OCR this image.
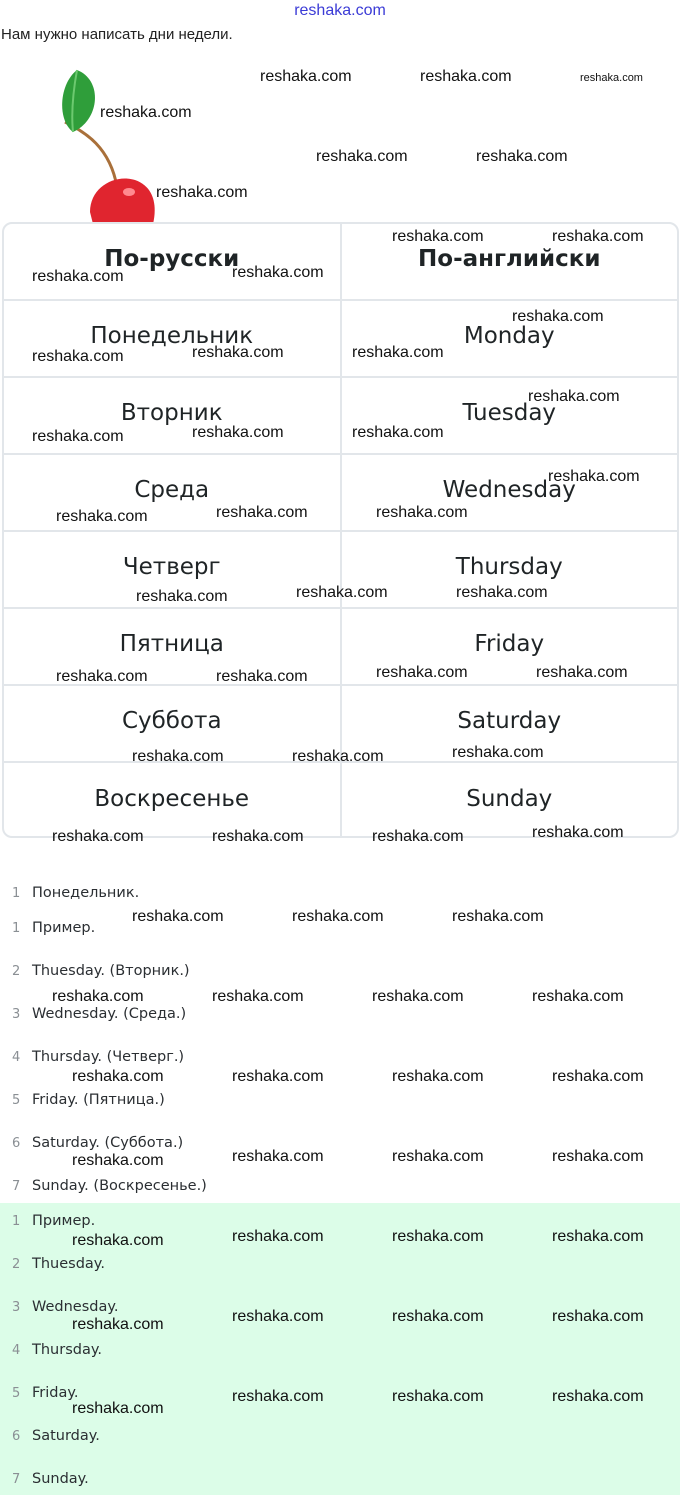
reshaka.com
Нам нужно написать дни недели.
По-русски	По-английски
Понедельник	Monday
Вторник	Tuesday
Среда	Wednesday
Четверг	Thursday
Пятница	Friday
Суббота	Saturday
Воскресенье	Sunday
1 Понедельник.
1 Пример.
2 Thuesday. (Вторник.)
3 Wednesday. (Среда.)
4 Thursday. (Четверг.)
5 Friday. (Пятница.)
6 Saturday. (Суббота.)
7 Sunday. (Воскресенье.)
1 Пример.
2 Thuesday.
3 Wednesday.
4 Thursday.
5 Friday.
6 Saturday.
7 Sunday.
reshaka.com	reshaka.com	reshaka.com
reshaka.com
reshaka.com	reshaka.com
reshaka.com
reshaka.com	reshaka.com
reshaka.com	reshaka.com
reshaka.com
reshaka.com	reshaka.com	reshaka.com
reshaka.com
reshaka.com	reshaka.com	reshaka.com
reshaka.com
reshaka.com	reshaka.com	reshaka.com
reshaka.com	reshaka.com	reshaka.com
reshaka.com	reshaka.com	reshaka.com	reshaka.com
reshaka.com	reshaka.com	reshaka.com
reshaka.com	reshaka.com	reshaka.com	reshaka.com
reshaka.com	reshaka.com	reshaka.com
reshaka.com	reshaka.com	reshaka.com	reshaka.com
reshaka.com	reshaka.com	reshaka.com	reshaka.com
reshaka.com	reshaka.com	reshaka.com	reshaka.com
reshaka.com	reshaka.com	reshaka.com	reshaka.com
reshaka.com	reshaka.com	reshaka.com	reshaka.com
reshaka.com
reshaka.com	reshaka.com	reshaka.com
